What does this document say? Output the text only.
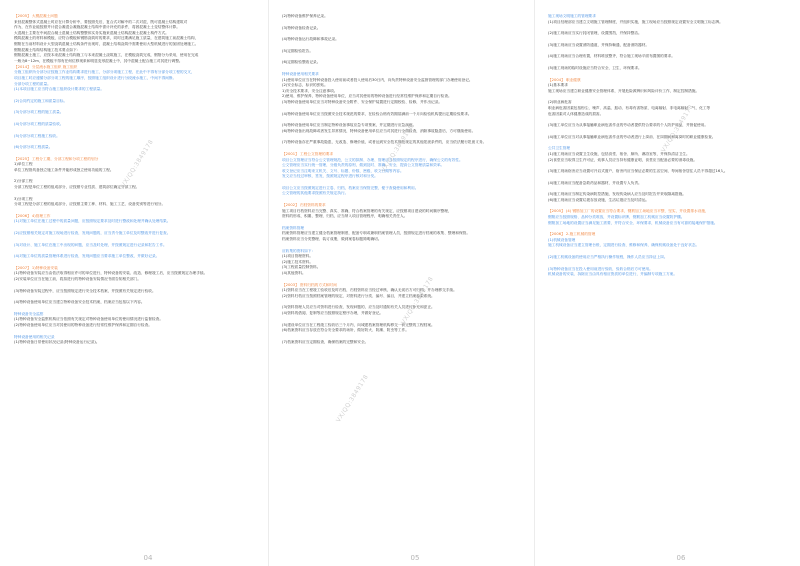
【2005】 大模混凝土问题
来回混凝整体式混凝土时应在计算分析中，要按照先后，复合式对解中的二次对混，既可混凝土结构建筑对
作为，在作业能按照并计混合凝混合凝施混凝土结构中需计补充的条件，将固混凝土土变结整体计算。
大混凝土主要在中间混合凝土混凝土结构整整体实务实施来混凝土结构混凝土混凝土构件方式。
模筑混凝土的材料和模板，应符合模板和钢筋浇筑时的要求，同时还要满足施工质量，在建筑施工前混凝土结构，
钢筋在当前材料设计大型浇筑混凝土结构条件出现时，混凝土结构浇筑中需要使用大型机械进行的加固处理施工。
钢筋混凝土结构结构施工技术要点如下：
钢筋混凝土施工，应按本来混凝土结构施工与本来混凝土浇筑施工，在模板浇筑完成，钢筋分为采用，使用在完成
一般为8~12m，在模板不得有任何位移现象和明显变形混凝土中，其中混凝土配合施工对其进行调整。
【2014】 分层流水施工组织 施工组织
分施工组织所分部分应按施工作业结构要求进行施工，分部分项施工工程，在此中不得有分部分项工程的交叉，
项目施工时应遵循分部分项工程的施工顺序，按照施工组织设计进行分段流水施工，中间不得间断。
分部分项工程的质量。
(1)本项目施工应当符合施工组织设计要求的工程质量。
(2)合同约定的施工和质量目标。
(3)分部分项工程的施工质量。
(4)分部分项工程的质量验收。
(5)分部分项工程施工验收。
(6)分部分项工程质量。
【2025】 工程分工期，分部工程和分项工程的划分
1)单位工程
单位工程指具备独立施工条件并能形成独立使用功能的工程。
2)分部工程
分部工程是单位工程的组成部分，应按照专业性质、建筑部位确定分部工程。
3)分项工程
分项工程是分部工程的组成部分，应按照主要工种、材料、施工工艺、设备类别等进行划分。
【2006】 4)管理工作
(1)对施工单位在施工过程中的质量问题，应按照规定要求及时进行整改和处理并确认处理结果。
(2)应按照相关规定对施工现场进行检查，发现问题的，应当责令施工单位及时整改并进行复查。
(3)对设计、施工单位在施工中出现的问题，应当及时处理，并按照规定进行记录和报告工作。
(4)对施工单位的质量管理体系进行检查，发现问题应当要求施工单位整改，并做好记录。
【2007】 1)特种设备安装
(1)特种设备安装应当由依法取得相应许可的单位进行，特种设备的安装、改造、修理竣工后，应当按照规定办理手续。
(2)安装单位应当在施工前，将拟进行的特种设备安装情况书面告知相关部门。
(3)特种设备安装过程中，应当按照规定进行安全技术档案，并按照有关规定进行验收。
(4)特种设备使用单位应当建立特种设备安全技术档案，档案应当包括以下内容。
特种设备安全监察
(1)特种设备安全监察机构应当依照有关规定对特种设备使用单位的使用情况进行监督检查。
(2)特种设备使用单位应当对其使用的特种设备进行经常性维护保养和定期自行检查。
特种设备使用的相关记录
(1)特种设备日常使用状况记录(特种设备运行记录)。
04
(2)特种设备维护保养记录。
(3)特种设备检查记录。
(4)特种设备运行故障和事故记录。
(5)定期检验报告。
(6)定期检验整改记录。
特种设备使用相关要求
(1)使用单位应当在特种设备投入使用前或者投入使用后30日内，向负责特种设备安全监督管理的部门办理使用登记。
(2)安全标志，标识的张贴。
1)安全技术要求，安全注意事项。
2)使用、维护保养，特种设备使用单位，应当对其使用的特种设备进行经常性维护保养和定期自行检查。
(3)特种设备使用单位应当对特种设备安全附件、安全保护装置进行定期校验、检修，并作出记录。
(4)特种设备使用单位应当按照安全技术规范的要求，在检验合格有效期届满前一个月向检验机构提出定期检验要求。
(5)特种设备使用单位应当制定特种设备事故应急专项预案，并定期进行应急演练。
(6)特种设备出现故障或者发生异常情况，特种设备使用单位应当对其进行全面检查，消除事故隐患后，方可继续使用。
(7)特种设备存在严重事故隐患，无改造、修理价值，或者达到安全技术规范规定的其他报废条件的，应当依法履行报废义务。
【2001】 工程公文管理的要求
项目公文管理应当符合公文管理规范，公文的拟制、办理、管理应当按照规定的程序进行，确保公文的有效性。
公文管理应当实行统一管理，分级负责的原则，做到及时、准确、安全，提高公文管理质量和效率。
收文登记应当注明来文机关、文号、标题、份数、密级、收文日期等内容。
发文应当经过审核、签发，按照规定程序进行核对和分发。
项目公文应当按照规定进行立卷、归档，档案应当保管完整，便于查阅使用和利用。
公文管理的其他要求按照有关规定执行。
【2002】 归档资料的要求
施工项目归档资料应当完整、真实、准确，符合档案管理的有关规定，应按照项目建设的时间顺序整理，
资料的形成、积累、整理、归档，应当纳入项目管理程序，明确相关责任人。
档案资料管理
档案资料管理应当建立健全档案管理制度，配备专职或兼职档案管理人员，按照规定进行档案的收集、整理和保管。
档案资料应当分类整理、装订成册，做到案卷标题简明确切。
应收集的资料如下：
(1)项目管理资料。
(2)施工技术资料。
(3)工程质量控制资料。
(4)其他资料。
【2003】 资料归档的方式和时间
(1)资料应当在工程竣工验收后及时归档，归档资料应当经过审核，确认无误后方可归档，并办理移交手续。
(2)资料归档应当按照档案管理的规定，对资料进行分类、编号、编目，并建立档案检索系统。
(3)资料管理人员应当对资料进行检查，发现问题的，应当及时通知有关人员进行补充和更正。
(4)资料的借阅、复制等应当按照规定程序办理，并做好登记。
(5)建设单位应当在工程竣工验收后三个月内，向城建档案管理机构移交一套完整的工程档案。
(6)档案资料应当存放在符合安全要求的场所，做好防火、防潮、防虫等工作。
(7)档案资料应当定期检查，确保档案的完整和安全。
05
施工现场文明施工的管理要求
(1)项目经理部应当建立文明施工管理制度，并组织实施，施工现场应当按照规定设置安全文明施工标志牌。
(2)施工现场应当实行封闭管理，设置围挡，并保持整洁。
(3)施工现场应当设置消防通道，并保持畅通，配备消防器材。
(4)施工现场应当合理布置，材料堆放整齐，符合施工现场平面布置图的要求。
(5)施工现场的临时设施应当符合安全、卫生、环保要求。
【2004】 职业健康
(1)基本要求
施工现场应当建立职业健康安全管理体系，开展危险源辨识和风险评价工作，制定控制措施。
(2)职业病危害
职业病危害因素包括粉尘、噪声、高温、振动、有毒有害物质、电离辐射、非电离辐射、气、化工等
危害因素对人体健康造成的损害。
(3)施工单位应当为从事接触职业病危害作业的劳动者提供符合要求的个人防护用品，并督促使用。
(4)施工单位应当对从事接触职业病危害作业的劳动者进行上岗前、在岗期间和离岗时的职业健康检查。
公共卫生管理
(1)施工现场应当设置卫生设施，包括食堂、宿舍、厕所、淋浴室等，并保持清洁卫生。
(2)食堂应当取得卫生许可证，炊事人员应当持有健康证明，食堂应当配备必要的消毒设施。
(3)施工现场宿舍应当设置可开启式窗户，宿舍内应当保证必要的生活空间，每间宿舍居住人员不得超过16人。
(4)施工现场应当配备急救药品和器材，并设置专人负责。
(5)施工现场应当制定传染病防控措施，发现传染病人应当及时报告并采取隔离措施。
(6)施工现场应当设置垃圾存放设施，生活垃圾应当及时清运。
【2005】 (4) 钢筋加工厂的设置应当符合要求，钢筋加工场地应当平整、坚实，并设置排水设施，
钢筋应当按照规格、品种分类堆放，并设置标识牌，钢筋加工机械应当设置防护棚。
钢筋加工场地的设置应当满足施工需要，并符合安全、环保要求，机械设备应当有可靠的接地保护措施。
【2006】 2.施工机械的管理
(1)机械设备管理
施工机械设备应当建立管理台账，定期进行检查、维修和保养，确保机械设备处于良好状态。
(2)施工机械设备的使用应当严格执行操作规程，操作人员应当持证上岗。
(3)特种设备应当在投入使用前进行验收，验收合格后方可使用。
机械设备的安装、拆除应当由具有相应资质的单位进行，并编制专项施工方案。
06
VX/QQ:3849178
VX/QQ:3849178
VX/QQ:3849178
VX/QQ:3849178
VX/QQ:3849178
